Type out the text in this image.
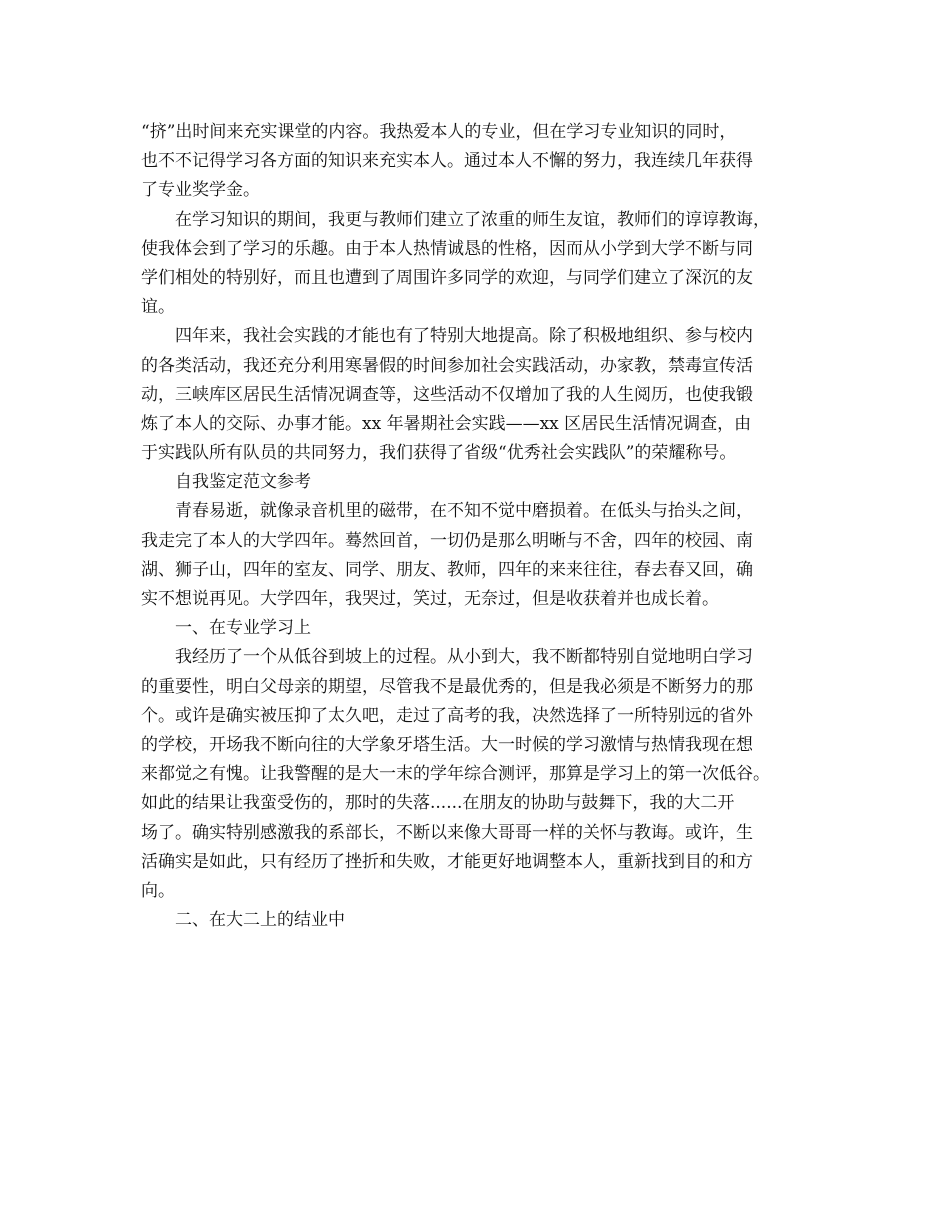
“挤”出时间来充实课堂的内容。我热爱本人的专业，但在学习专业知识的同时，
也不不记得学习各方面的知识来充实本人。通过本人不懈的努力，我连续几年获得
了专业奖学金。
在学习知识的期间，我更与教师们建立了浓重的师生友谊，教师们的谆谆教诲，
使我体会到了学习的乐趣。由于本人热情诚恳的性格，因而从小学到大学不断与同
学们相处的特别好，而且也遭到了周围许多同学的欢迎，与同学们建立了深沉的友
谊。
四年来，我社会实践的才能也有了特别大地提高。除了积极地组织、参与校内
的各类活动，我还充分利用寒暑假的时间参加社会实践活动，办家教，禁毒宣传活
动，三峡库区居民生活情况调查等，这些活动不仅增加了我的人生阅历，也使我锻
炼了本人的交际、办事才能。xx 年暑期社会实践——xx 区居民生活情况调查，由
于实践队所有队员的共同努力，我们获得了省级“优秀社会实践队”的荣耀称号。
自我鉴定范文参考
青春易逝，就像录音机里的磁带，在不知不觉中磨损着。在低头与抬头之间，
我走完了本人的大学四年。蓦然回首，一切仍是那么明晰与不舍，四年的校园、南
湖、狮子山，四年的室友、同学、朋友、教师，四年的来来往往，春去春又回，确
实不想说再见。大学四年，我哭过，笑过，无奈过，但是收获着并也成长着。
一、在专业学习上
我经历了一个从低谷到坡上的过程。从小到大，我不断都特别自觉地明白学习
的重要性，明白父母亲的期望，尽管我不是最优秀的，但是我必须是不断努力的那
个。或许是确实被压抑了太久吧，走过了高考的我，决然选择了一所特别远的省外
的学校，开场我不断向往的大学象牙塔生活。大一时候的学习激情与热情我现在想
来都觉之有愧。让我警醒的是大一末的学年综合测评，那算是学习上的第一次低谷。
如此的结果让我蛮受伤的，那时的失落......在朋友的协助与鼓舞下，我的大二开
场了。确实特别感激我的系部长，不断以来像大哥哥一样的关怀与教诲。或许，生
活确实是如此，只有经历了挫折和失败，才能更好地调整本人，重新找到目的和方
向。
二、在大二上的结业中
